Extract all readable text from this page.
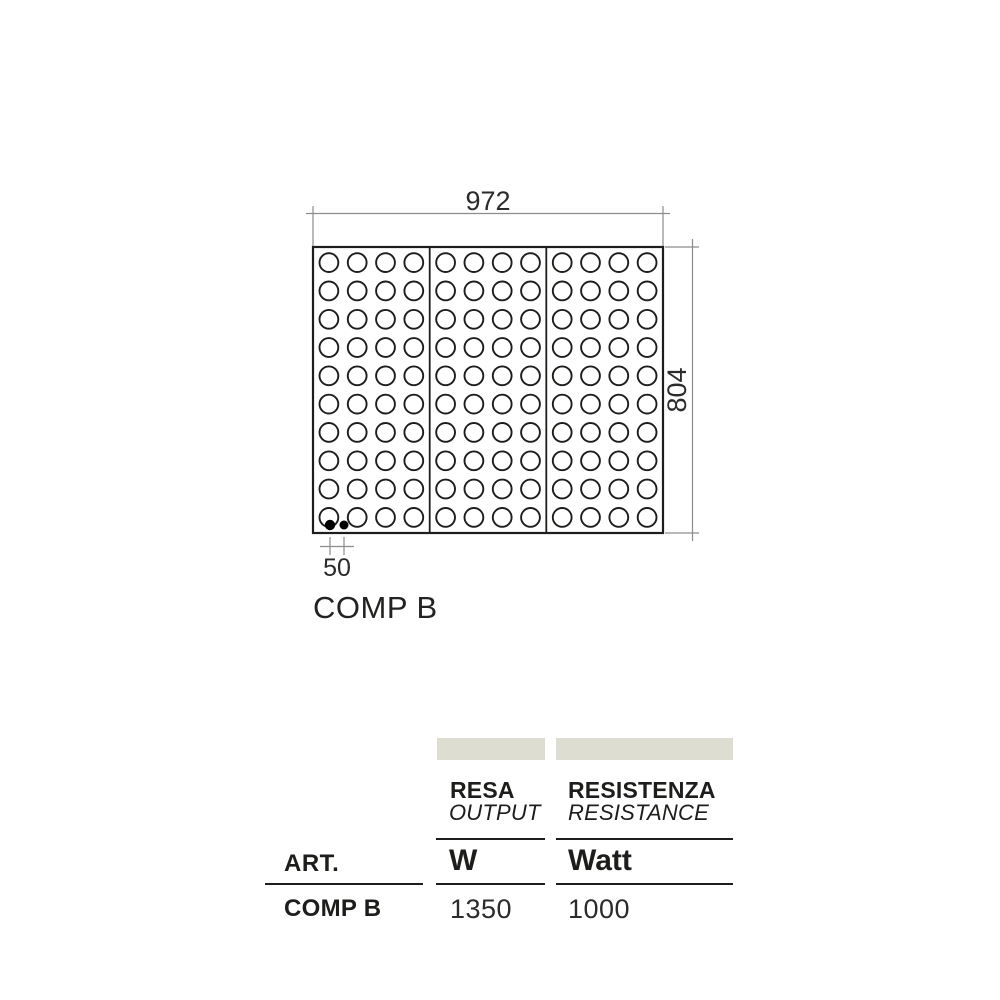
972
804
50
COMP B
RESA
OUTPUT
RESISTENZA
RESISTANCE
ART.	W	Watt
COMP B	1350 1000
